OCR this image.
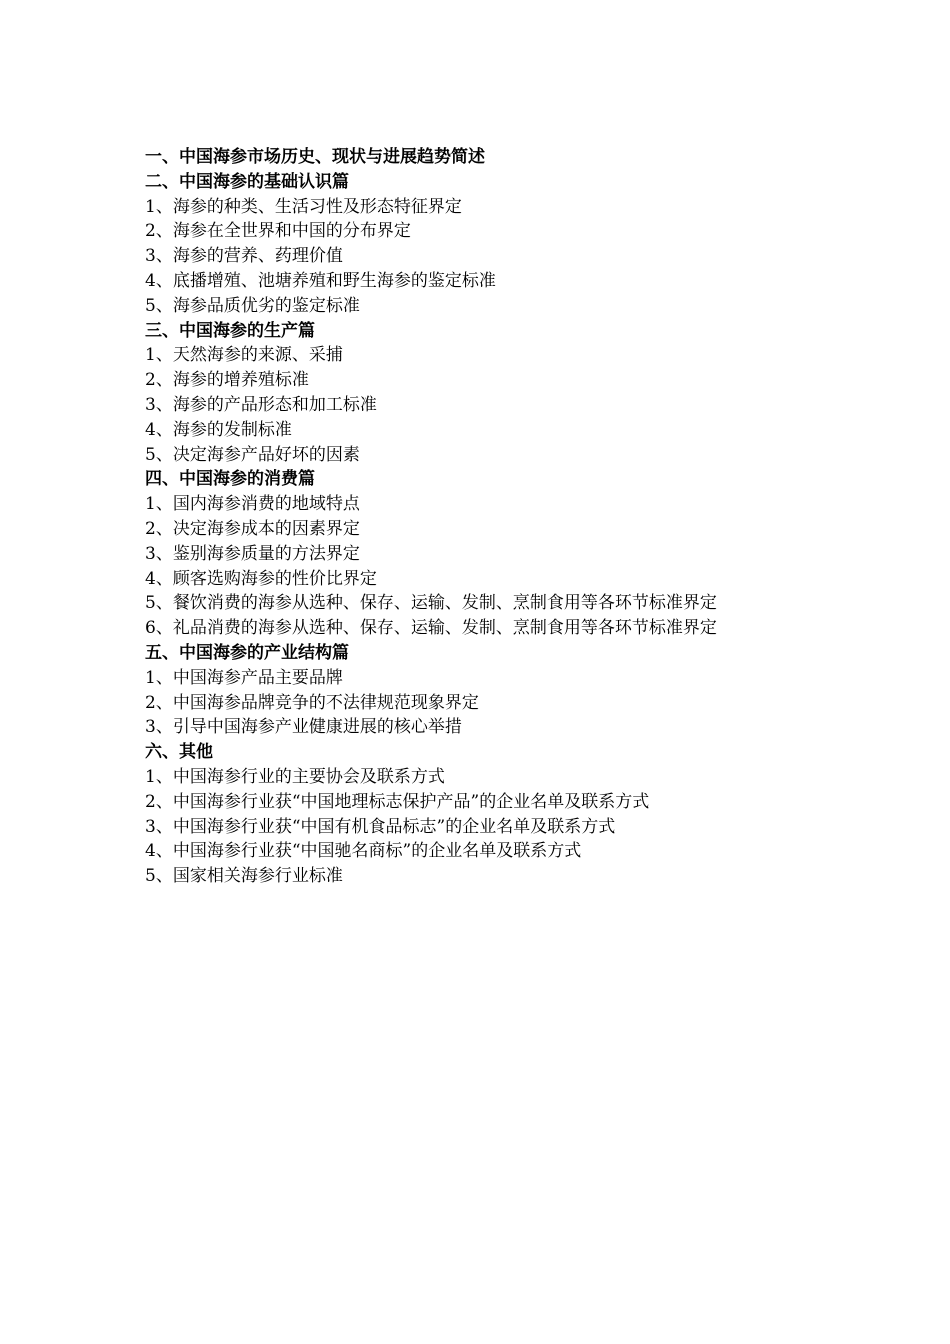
一、中国海参市场历史、现状与进展趋势简述
二、中国海参的基础认识篇
1、海参的种类、生活习性及形态特征界定
2、海参在全世界和中国的分布界定
3、海参的营养、药理价值
4、底播增殖、池塘养殖和野生海参的鉴定标准
5、海参品质优劣的鉴定标准
三、中国海参的生产篇
1、天然海参的来源、采捕
2、海参的增养殖标准
3、海参的产品形态和加工标准
4、海参的发制标准
5、决定海参产品好坏的因素
四、中国海参的消费篇
1、国内海参消费的地域特点
2、决定海参成本的因素界定
3、鉴别海参质量的方法界定
4、顾客选购海参的性价比界定
5、餐饮消费的海参从选种、保存、运输、发制、烹制食用等各环节标准界定
6、礼品消费的海参从选种、保存、运输、发制、烹制食用等各环节标准界定
五、中国海参的产业结构篇
1、中国海参产品主要品牌
2、中国海参品牌竞争的不法律规范现象界定
3、引导中国海参产业健康进展的核心举措
六、其他
1、中国海参行业的主要协会及联系方式
2、中国海参行业获“中国地理标志保护产品”的企业名单及联系方式
3、中国海参行业获“中国有机食品标志”的企业名单及联系方式
4、中国海参行业获“中国驰名商标”的企业名单及联系方式
5、国家相关海参行业标准
